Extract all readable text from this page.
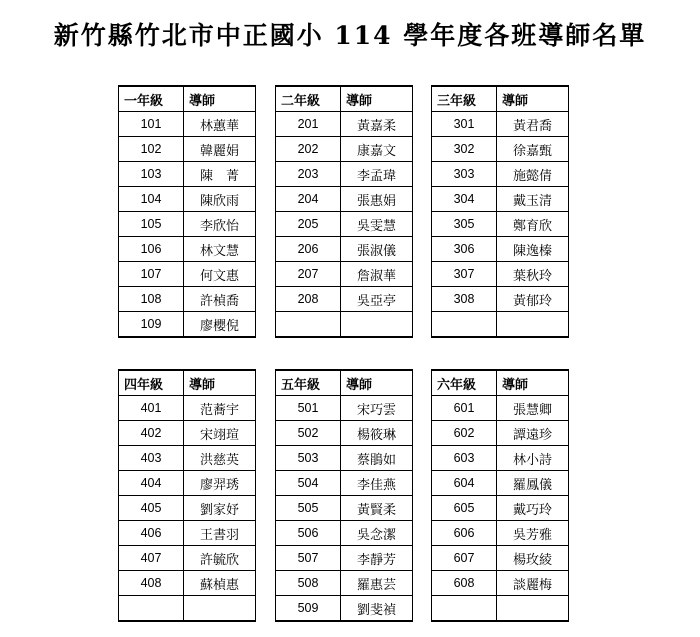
新竹縣竹北市中正國小 114 學年度各班導師名單
一年級	導師
101	林蕙華
102	韓麗娟
103	陳　菁
104	陳欣雨
105	李欣怡
106	林文慧
107	何文惠
108	許楨喬
109	廖櫻倪
二年級	導師
201	黃嘉柔
202	康嘉文
203	李孟瑋
204	張惠娟
205	吳雯慧
206	張淑儀
207	詹淑華
208	吳亞亭

三年級	導師
301	黃君喬
302	徐嘉甄
303	施懿倩
304	戴玉清
305	鄭育欣
306	陳逸榛
307	葉秋玲
308	黃郁玲

四年級	導師
401	范蕎宇
402	宋翊瑄
403	洪慈英
404	廖羿琇
405	劉家妤
406	王書羽
407	許毓欣
408	蘇楨惠

五年級	導師
501	宋巧雲
502	楊筱琳
503	蔡鵑如
504	李佳燕
505	黃賢柔
506	吳念潔
507	李靜芳
508	羅惠芸
509	劉斐禎
六年級	導師
601	張慧卿
602	譚遠珍
603	林小詩
604	羅鳳儀
605	戴巧玲
606	吳芳雅
607	楊玫綾
608	談麗梅
